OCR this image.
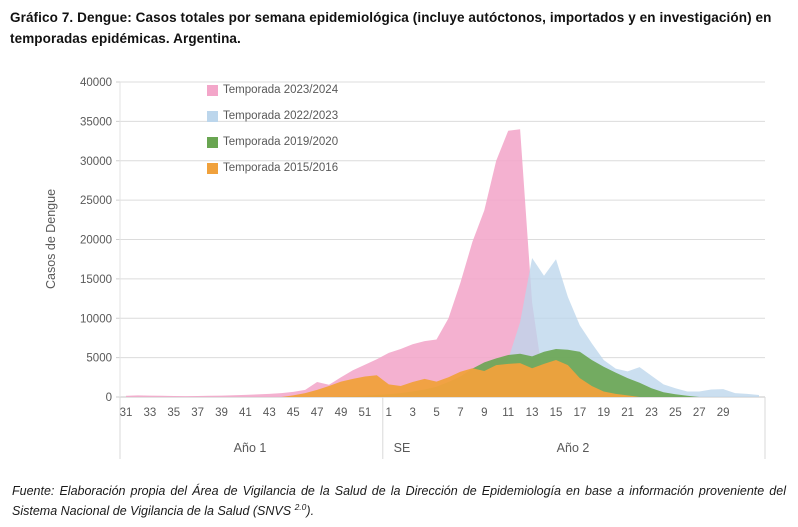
Gráfico 7. Dengue: Casos totales por semana epidemiológica (incluye autóctonos, importados y en investigación) en temporadas epidémicas. Argentina.
0
5000
10000
15000
20000
25000
30000
35000
40000
31 33 35 37 39 41 43 45 47 49 51 1 3 5 7 9 11 13 15 17 19 21 23 25 27 29
Casos de Dengue
Año 1	SE	Año 2
Temporada 2023/2024
Temporada 2022/2023
Temporada 2019/2020
Temporada 2015/2016
Fuente: Elaboración propia del Área de Vigilancia de la Salud de la Dirección de Epidemiología en base a información proveniente del Sistema Nacional de Vigilancia de la Salud (SNVS $^{2.0}$).
